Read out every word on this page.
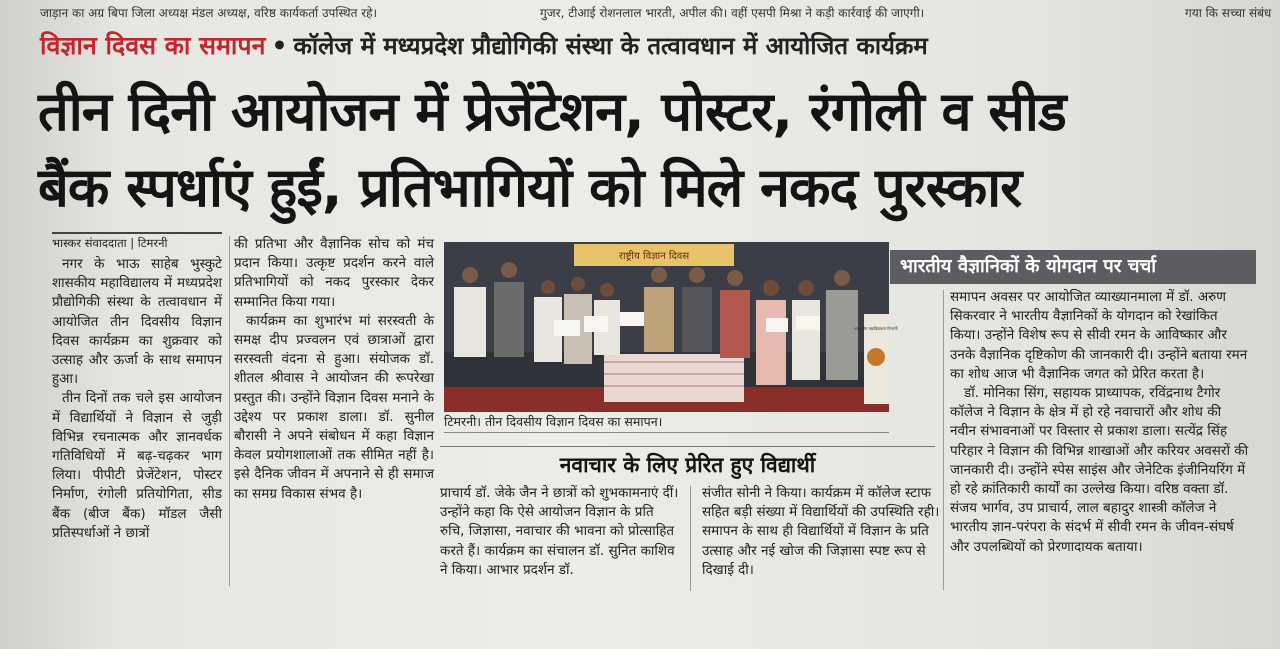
जाड़ान का अग्र बिपा जिला अध्यक्ष मंडल अध्यक्ष, वरिष्ठ कार्यकर्ता उपस्थित रहे।	गुजर, टीआई रोशनलाल भारती, अपील की। वहीं एसपी मिश्रा ने कड़ी कार्रवाई की जाएगी।	गया कि सच्चा संबंध
विज्ञान दिवस का समापन • कॉलेज में मध्यप्रदेश प्रौद्योगिकी संस्था के तत्वावधान में आयोजित कार्यक्रम
तीन दिनी आयोजन में प्रेजेंटेशन, पोस्टर, रंगोली व सीड
बैंक स्पर्धाएं हुईं, प्रतिभागियों को मिले नकद पुरस्कार
भास्कर संवाददाता | टिमरनी

नगर के भाऊ साहेब भुस्कुटे शासकीय महाविद्यालय में मध्यप्रदेश प्रौद्योगिकी संस्था के तत्वावधान में आयोजित तीन दिवसीय विज्ञान दिवस कार्यक्रम का शुक्रवार को उत्साह और ऊर्जा के साथ समापन हुआ।

तीन दिनों तक चले इस आयोजन में विद्यार्थियों ने विज्ञान से जुड़ी विभिन्न रचनात्मक और ज्ञानवर्धक गतिविधियों में बढ़-चढ़कर भाग लिया। पीपीटी प्रेजेंटेशन, पोस्टर निर्माण, रंगोली प्रतियोगिता, सीड बैंक (बीज बैंक) मॉडल जैसी प्रतिस्पर्धाओं ने छात्रों

की प्रतिभा और वैज्ञानिक सोच को मंच प्रदान किया। उत्कृष्ट प्रदर्शन करने वाले प्रतिभागियों को नकद पुरस्कार देकर सम्मानित किया गया।

कार्यक्रम का शुभारंभ मां सरस्वती के समक्ष दीप प्रज्वलन एवं छात्राओं द्वारा सरस्वती वंदना से हुआ। संयोजक डॉ. शीतल श्रीवास ने आयोजन की रूपरेखा प्रस्तुत की। उन्होंने विज्ञान दिवस मनाने के उद्देश्य पर प्रकाश डाला। डॉ. सुनील बौरासी ने अपने संबोधन में कहा विज्ञान केवल प्रयोगशालाओं तक सीमित नहीं है। इसे दैनिक जीवन में अपनाने से ही समाज का समग्र विकास संभव है।

राष्ट्रीय विज्ञान दिवस
शासकीय महाविद्यालय टिमरनी
टिमरनी। तीन दिवसीय विज्ञान दिवस का समापन।
नवाचार के लिए प्रेरित हुए विद्यार्थी

प्राचार्य डॉ. जेके जैन ने छात्रों को शुभकामनाएं दीं। उन्होंने कहा कि ऐसे आयोजन विज्ञान के प्रति रुचि, जिज्ञासा, नवाचार की भावना को प्रोत्साहित करते हैं। कार्यक्रम का संचालन डॉ. सुनित काशिव ने किया। आभार प्रदर्शन डॉ.

संजीत सोनी ने किया। कार्यक्रम में कॉलेज स्टाफ सहित बड़ी संख्या में विद्यार्थियों की उपस्थिति रही। समापन के साथ ही विद्यार्थियों में विज्ञान के प्रति उत्साह और नई खोज की जिज्ञासा स्पष्ट रूप से दिखाई दी।

भारतीय वैज्ञानिकों के योगदान पर चर्चा

समापन अवसर पर आयोजित व्याख्यानमाला में डॉ. अरुण सिकरवार ने भारतीय वैज्ञानिकों के योगदान को रेखांकित किया। उन्होंने विशेष रूप से सीवी रमन के आविष्कार और उनके वैज्ञानिक दृष्टिकोण की जानकारी दी। उन्होंने बताया रमन का शोध आज भी वैज्ञानिक जगत को प्रेरित करता है।

डॉ. मोनिका सिंग, सहायक प्राध्यापक, रविंद्रनाथ टैगोर कॉलेज ने विज्ञान के क्षेत्र में हो रहे नवाचारों और शोध की नवीन संभावनाओं पर विस्तार से प्रकाश डाला। सत्येंद्र सिंह परिहार ने विज्ञान की विभिन्न शाखाओं और करियर अवसरों की जानकारी दी। उन्होंने स्पेस साइंस और जेनेटिक इंजीनियरिंग में हो रहे क्रांतिकारी कार्यों का उल्लेख किया। वरिष्ठ वक्ता डॉ. संजय भार्गव, उप प्राचार्य, लाल बहादुर शास्त्री कॉलेज ने भारतीय ज्ञान-परंपरा के संदर्भ में सीवी रमन के जीवन-संघर्ष और उपलब्धियों को प्रेरणादायक बताया।
